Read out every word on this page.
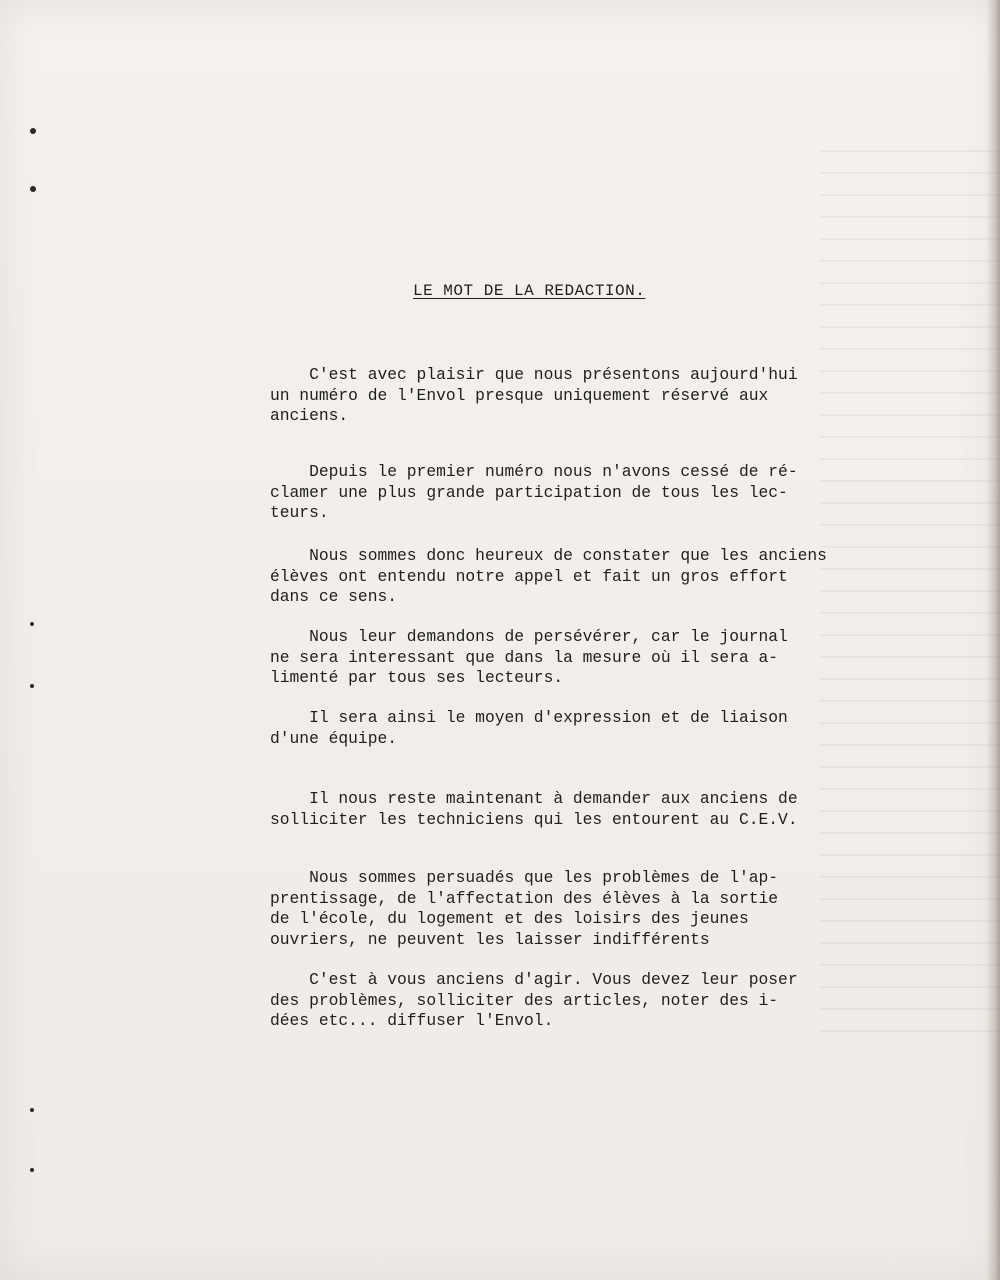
LE MOT DE LA REDACTION.
C'est avec plaisir que nous présentons aujourd'hui
un numéro de l'Envol presque uniquement réservé aux
anciens.
Depuis le premier numéro nous n'avons cessé de ré-
clamer une plus grande participation de tous les lec-
teurs.
Nous sommes donc heureux de constater que les anciens
élèves ont entendu notre appel et fait un gros effort
dans ce sens.
Nous leur demandons de persévérer, car le journal
ne sera interessant que dans la mesure où il sera a-
limenté par tous ses lecteurs.
Il sera ainsi le moyen d'expression et de liaison
d'une équipe.
Il nous reste maintenant à demander aux anciens de
solliciter les techniciens qui les entourent au C.E.V.
Nous sommes persuadés que les problèmes de l'ap-
prentissage, de l'affectation des élèves à la sortie
de l'école, du logement et des loisirs des jeunes
ouvriers, ne peuvent les laisser indifférents
C'est à vous anciens d'agir. Vous devez leur poser
des problèmes, solliciter des articles, noter des i-
dées etc... diffuser l'Envol.
